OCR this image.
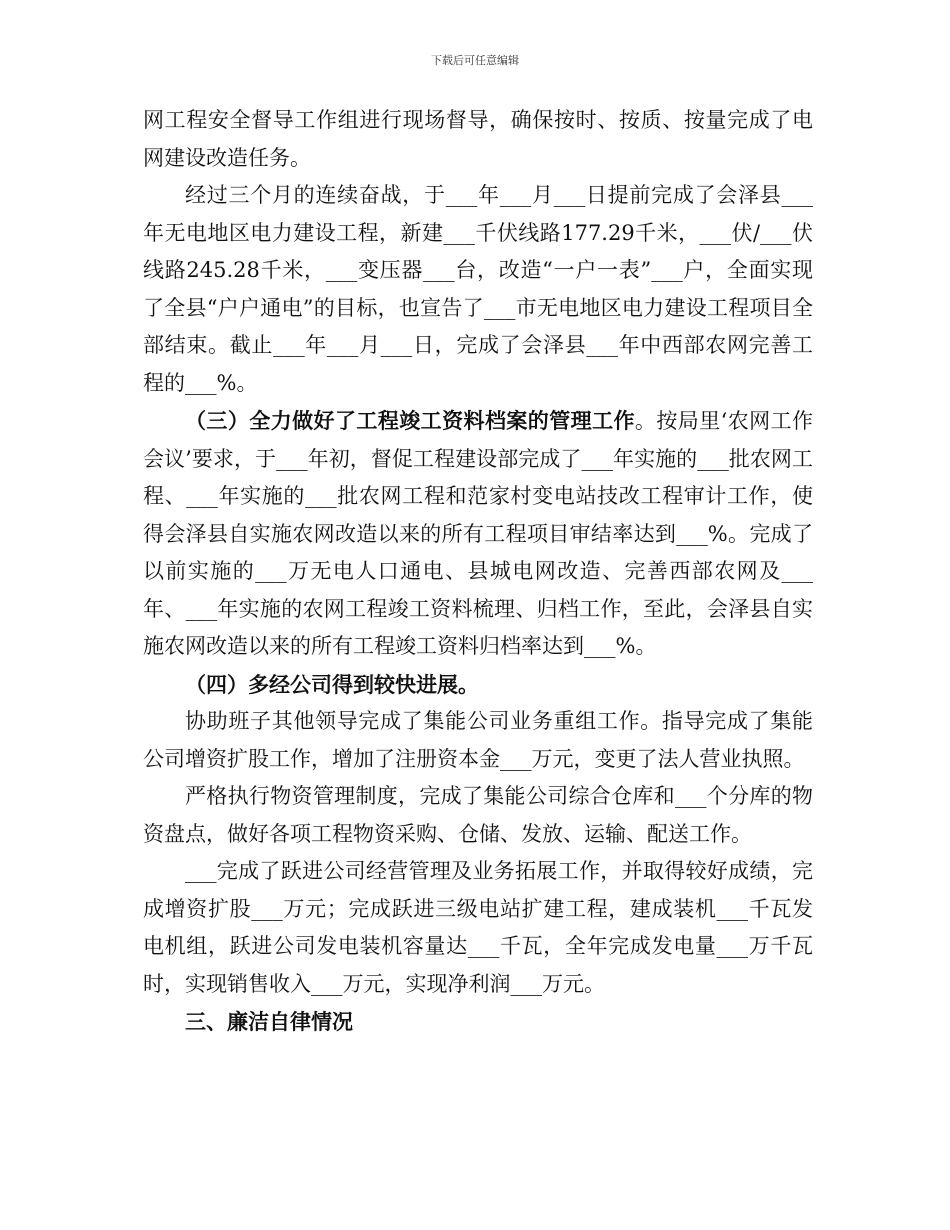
下载后可任意编辑

网工程安全督导工作组进行现场督导，确保按时、按质、按量完成了电网建设改造任务。

经过三个月的连续奋战，于___年___月___日提前完成了会泽县___年无电地区电力建设工程，新建___千伏线路177.29千米，___伏/___伏线路245.28千米，___变压器___台，改造“一户一表”___户，全面实现了全县“户户通电”的目标，也宣告了___市无电地区电力建设工程项目全部结束。截止___年___月___日，完成了会泽县___年中西部农网完善工程的___%。

（三）全力做好了工程竣工资料档案的管理工作。按局里‘农网工作会议’要求，于___年初，督促工程建设部完成了___年实施的___批农网工程、___年实施的___批农网工程和范家村变电站技改工程审计工作，使得会泽县自实施农网改造以来的所有工程项目审结率达到___%。完成了以前实施的___万无电人口通电、县城电网改造、完善西部农网及___年、___年实施的农网工程竣工资料梳理、归档工作，至此，会泽县自实施农网改造以来的所有工程竣工资料归档率达到___%。

（四）多经公司得到较快进展。

协助班子其他领导完成了集能公司业务重组工作。指导完成了集能公司增资扩股工作，增加了注册资本金___万元，变更了法人营业执照。

严格执行物资管理制度，完成了集能公司综合仓库和___个分库的物资盘点，做好各项工程物资采购、仓储、发放、运输、配送工作。

___完成了跃进公司经营管理及业务拓展工作，并取得较好成绩，完成增资扩股___万元；完成跃进三级电站扩建工程，建成装机___千瓦发电机组，跃进公司发电装机容量达___千瓦，全年完成发电量___万千瓦时，实现销售收入___万元，实现净利润___万元。

三、廉洁自律情况
